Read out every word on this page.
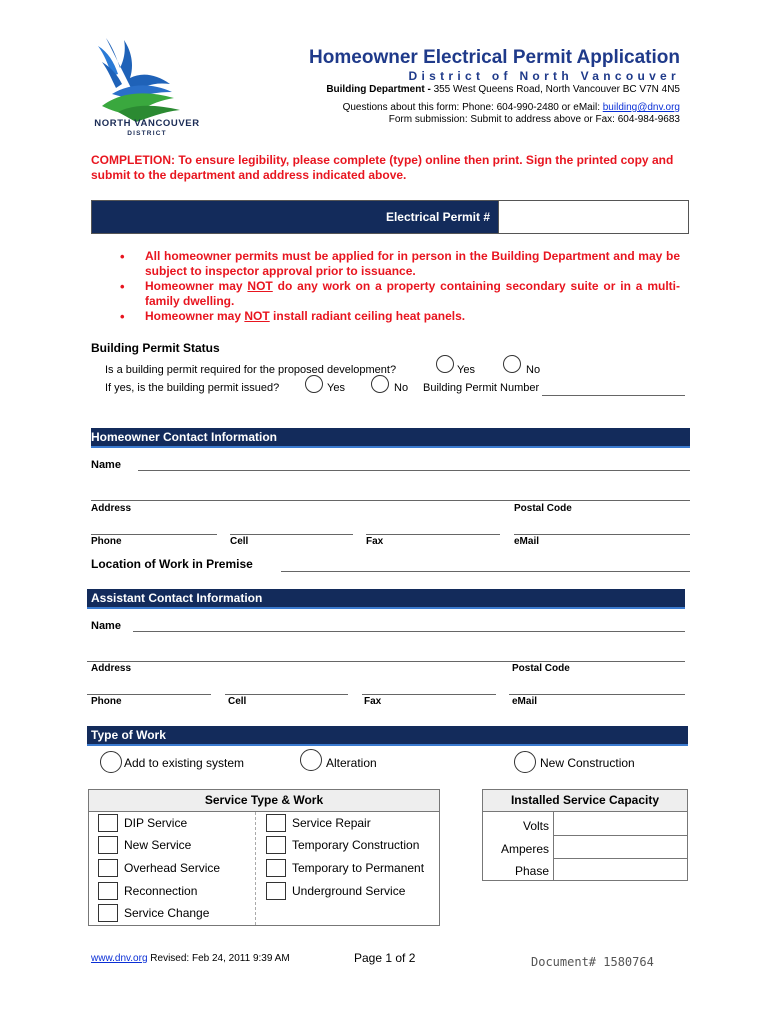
NORTH VANCOUVER
DISTRICT
Homeowner Electrical Permit Application
District of North Vancouver
Building Department - 355 West Queens Road, North Vancouver BC V7N 4N5
Questions about this form: Phone: 604-990-2480 or eMail: building@dnv.org
Form submission: Submit to address above or Fax: 604-984-9683
COMPLETION: To ensure legibility, please complete (type) online then print. Sign the printed copy and submit to the department and address indicated above.
Electrical Permit #
• All homeowner permits must be applied for in person in the Building Department and may be subject to inspector approval prior to issuance.
• Homeowner may NOT do any work on a property containing secondary suite or in a multi-family dwelling.
• Homeowner may NOT install radiant ceiling heat panels.
Building Permit Status
Is a building permit required for the proposed development?	Yes	No
If yes, is the building permit issued?	Yes	No Building Permit Number
Homeowner Contact Information
Name
Address	Postal Code
Phone	Cell	Fax	eMail
Location of Work in Premise
Assistant Contact Information
Name
Address	Postal Code
Phone	Cell	Fax	eMail
Type of Work
Add to existing system	Alteration	New Construction
Service Type & Work
DIP Service
New Service
Overhead Service
Reconnection
Service Change
Service Repair
Temporary Construction
Temporary to Permanent
Underground Service
Installed Service Capacity
Volts
Amperes
Phase
www.dnv.org Revised: Feb 24, 2011 9:39 AM	Page 1 of 2	Document# 1580764
